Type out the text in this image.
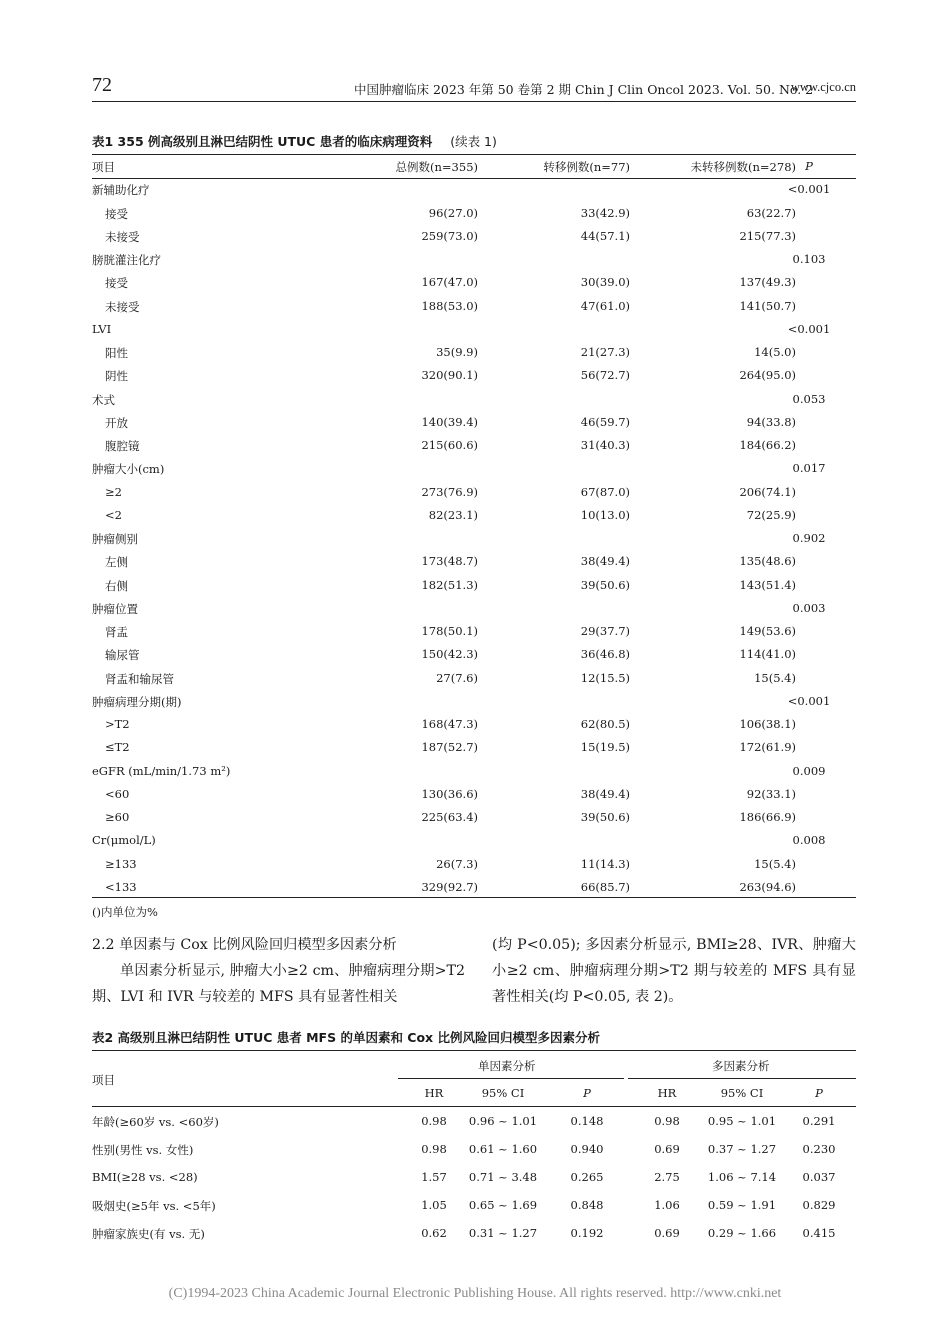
72	中国肿瘤临床 2023 年第 50 卷第 2 期 Chin J Clin Oncol 2023. Vol. 50. No. 2
www.cjco.cn
表1 355 例高级别且淋巴结阴性 UTUC 患者的临床病理资料 (续表 1)
项目	总例数(n=355)	转移例数(n=77)	未转移例数(n=278) P
新辅助化疗	<0.001
接受	96(27.0)	33(42.9)	63(22.7)
未接受	259(73.0)	44(57.1)	215(77.3)
膀胱灌注化疗	0.103
接受	167(47.0)	30(39.0)	137(49.3)
未接受	188(53.0)	47(61.0)	141(50.7)
LVI	<0.001
阳性	35(9.9)	21(27.3)	14(5.0)
阴性	320(90.1)	56(72.7)	264(95.0)
术式	0.053
开放	140(39.4)	46(59.7)	94(33.8)
腹腔镜	215(60.6)	31(40.3)	184(66.2)
肿瘤大小(cm)	0.017
≥2	273(76.9)	67(87.0)	206(74.1)
<2	82(23.1)	10(13.0)	72(25.9)
肿瘤侧别	0.902
左侧	173(48.7)	38(49.4)	135(48.6)
右侧	182(51.3)	39(50.6)	143(51.4)
肿瘤位置	0.003
肾盂	178(50.1)	29(37.7)	149(53.6)
输尿管	150(42.3)	36(46.8)	114(41.0)
肾盂和输尿管	27(7.6)	12(15.5)	15(5.4)
肿瘤病理分期(期)	<0.001
>T2	168(47.3)	62(80.5)	106(38.1)
≤T2	187(52.7)	15(19.5)	172(61.9)
eGFR (mL/min/1.73 m²)	0.009
<60	130(36.6)	38(49.4)	92(33.1)
≥60	225(63.4)	39(50.6)	186(66.9)
Cr(μmol/L)	0.008
≥133	26(7.3)	11(14.3)	15(5.4)
<133	329(92.7)	66(85.7)	263(94.6)
()内单位为%
2.2 单因素与 Cox 比例风险回归模型多因素分析
单因素分析显示, 肿瘤大小≥2 cm、肿瘤病理分期>T2 期、LVI 和 IVR 与较差的 MFS 具有显著性相关
(均 P<0.05); 多因素分析显示, BMI≥28、IVR、肿瘤大小≥2 cm、肿瘤病理分期>T2 期与较差的 MFS 具有显著性相关(均 P<0.05, 表 2)。
表2 高级别且淋巴结阴性 UTUC 患者 MFS 的单因素和 Cox 比例风险回归模型多因素分析
项目
单因素分析	多因素分析
HR	95% CI	P	HR	95% CI	P
年龄(≥60岁 vs. <60岁)	0.98	0.96 ~ 1.01	0.148	0.98	0.95 ~ 1.01	0.291
性别(男性 vs. 女性)	0.98	0.61 ~ 1.60	0.940	0.69	0.37 ~ 1.27	0.230
BMI(≥28 vs. <28)	1.57	0.71 ~ 3.48	0.265	2.75	1.06 ~ 7.14	0.037
吸烟史(≥5年 vs. <5年)	1.05	0.65 ~ 1.69	0.848	1.06	0.59 ~ 1.91	0.829
肿瘤家族史(有 vs. 无)	0.62	0.31 ~ 1.27	0.192	0.69	0.29 ~ 1.66	0.415
(C)1994-2023 China Academic Journal Electronic Publishing House. All rights reserved. http://www.cnki.net
